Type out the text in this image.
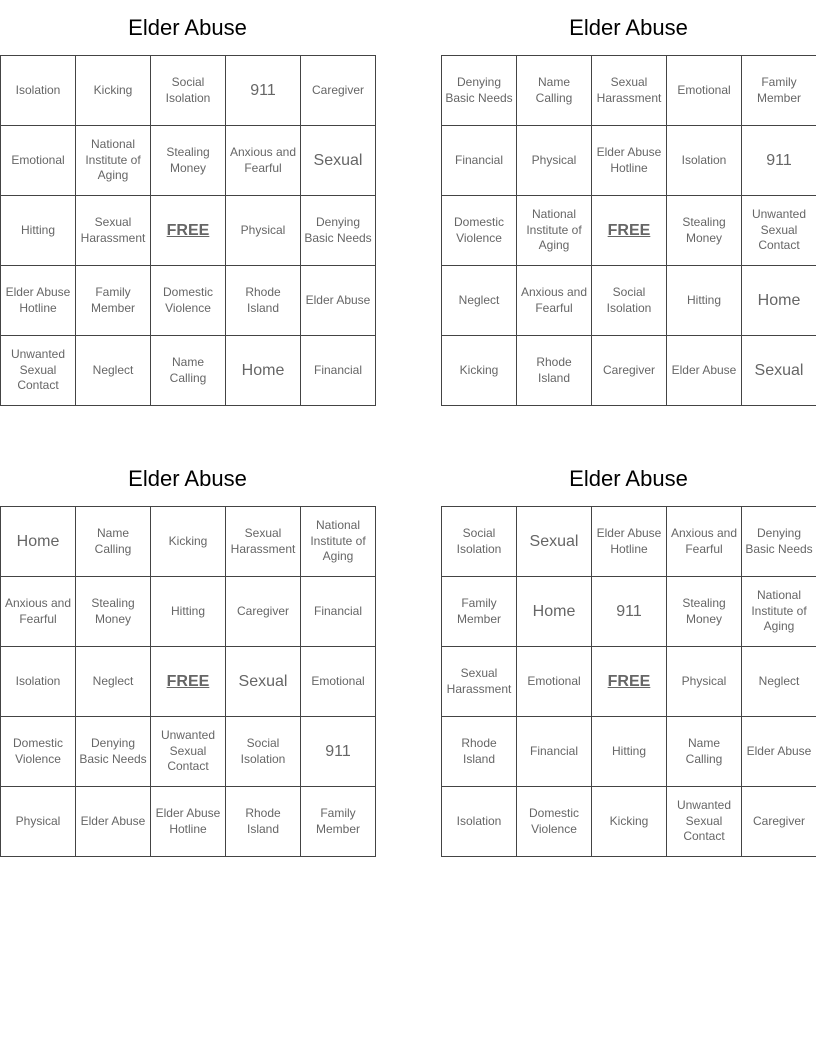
Elder Abuse
Isolation	Kicking	Social Isolation	911	Caregiver
Emotional	National Institute of Aging	Stealing Money	Anxious and Fearful	Sexual
Hitting	Sexual Harassment	FREE	Physical	Denying Basic Needs
Elder Abuse Hotline	Family Member	Domestic Violence	Rhode Island	Elder Abuse
Unwanted Sexual Contact	Neglect	Name Calling	Home	Financial
Elder Abuse
Denying Basic Needs	Name Calling	Sexual Harassment	Emotional	Family Member
Financial	Physical	Elder Abuse Hotline	Isolation	911
Domestic Violence	National Institute of Aging	FREE	Stealing Money	Unwanted Sexual Contact
Neglect	Anxious and Fearful	Social Isolation	Hitting	Home
Kicking	Rhode Island	Caregiver	Elder Abuse	Sexual
Elder Abuse
Home	Name Calling	Kicking	Sexual Harassment	National Institute of Aging
Anxious and Fearful	Stealing Money	Hitting	Caregiver	Financial
Isolation	Neglect	FREE	Sexual	Emotional
Domestic Violence	Denying Basic Needs	Unwanted Sexual Contact	Social Isolation	911
Physical	Elder Abuse	Elder Abuse Hotline	Rhode Island	Family Member
Elder Abuse
Social Isolation	Sexual	Elder Abuse Hotline	Anxious and Fearful	Denying Basic Needs
Family Member	Home	911	Stealing Money	National Institute of Aging
Sexual Harassment	Emotional	FREE	Physical	Neglect
Rhode Island	Financial	Hitting	Name Calling	Elder Abuse
Isolation	Domestic Violence	Kicking	Unwanted Sexual Contact	Caregiver
